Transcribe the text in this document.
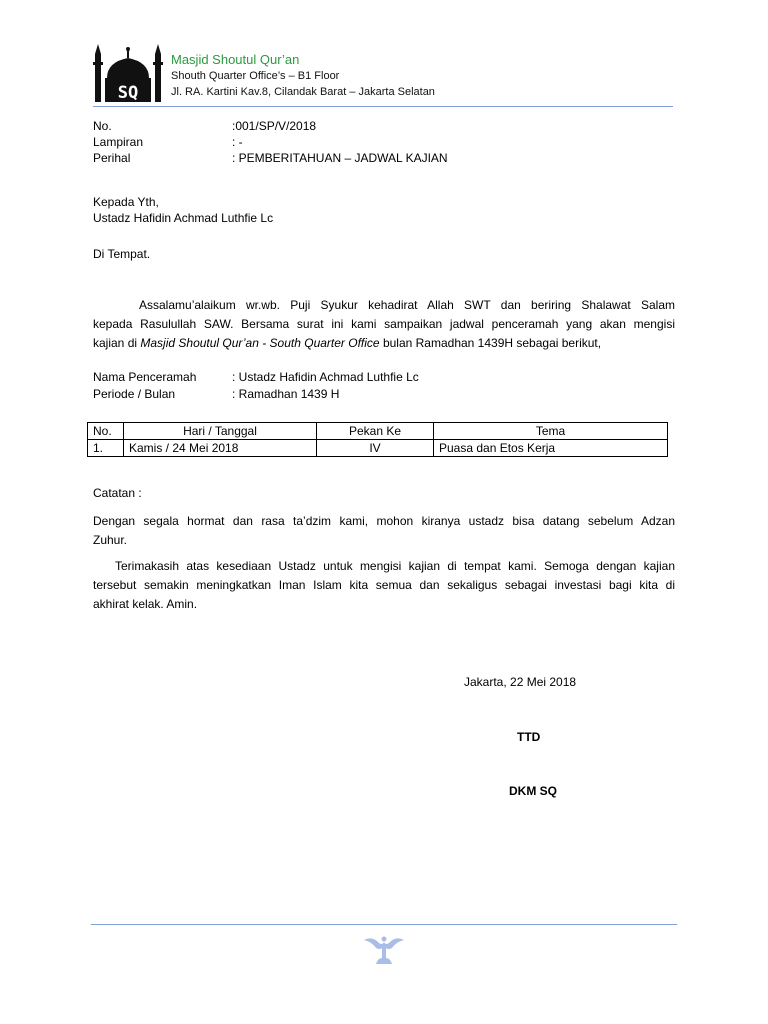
SQ
Masjid Shoutul Qur’an
Shouth Quarter Office’s – B1 Floor
Jl. RA. Kartini Kav.8, Cilandak Barat – Jakarta Selatan
No.	:001/SP/V/2018
Lampiran	: -
Perihal	: PEMBERITAHUAN – JADWAL KAJIAN
Kepada Yth,
Ustadz Hafidin Achmad Luthfie Lc
Di Tempat.
Assalamu’alaikum wr.wb. Puji Syukur kehadirat Allah SWT dan beriring Shalawat Salam
kepada Rasulullah SAW. Bersama surat ini kami sampaikan jadwal penceramah yang akan mengisi
kajian di Masjid Shoutul Qur’an - South Quarter Office bulan Ramadhan 1439H sebagai berikut,
Nama Penceramah	: Ustadz Hafidin Achmad Luthfie Lc
Periode / Bulan	: Ramadhan 1439 H
No.	Hari / Tanggal	Pekan Ke	Tema
1.	Kamis / 24 Mei 2018	IV	Puasa dan Etos Kerja
Catatan :
Dengan segala hormat dan rasa ta’dzim kami, mohon kiranya ustadz bisa datang sebelum Adzan
Zuhur.
Terimakasih atas kesediaan Ustadz untuk mengisi kajian di tempat kami. Semoga dengan kajian
tersebut semakin meningkatkan Iman Islam kita semua dan sekaligus sebagai investasi bagi kita di
akhirat kelak. Amin.
Jakarta, 22 Mei 2018
TTD
DKM SQ
